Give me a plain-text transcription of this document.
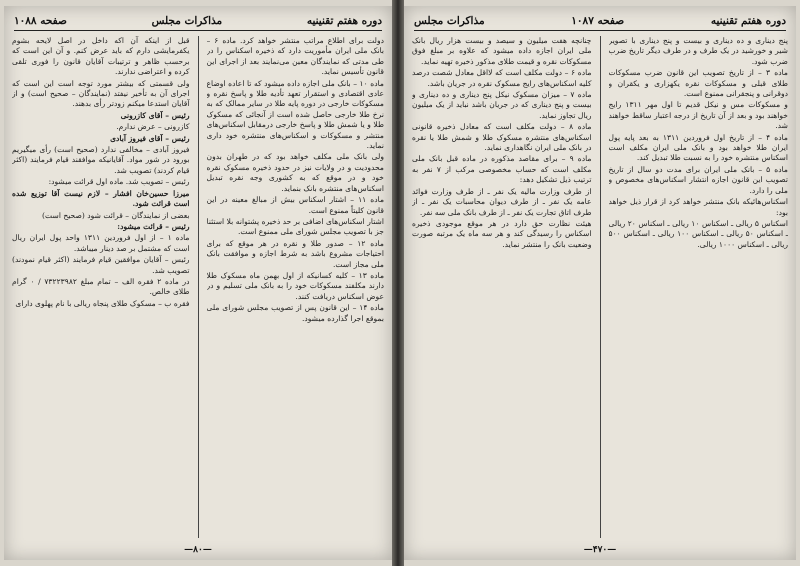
دوره هفتم تقنینیه
مذاکرات مجلس
صفحه ۱۰۸۸

دولت برای اطلاع مراتب منتشر خواهد کرد. ماده ۶ – بانک ملی ایران مأموریت دارد که ذخیره اسکناس را در طی مدتی که نمایندگان معین می‌نمایند بعد از اجرای این قانون تأسیس نماید.

ماده ۱۰ – بانک ملی اجازه داده میشود که تا اعاده اوضاع عادی اقتصادی و استقرار تعهد تأدیه طلا و پاسخ نقره و مسکوکات خارجی در دوره پایه طلا در سایر ممالک که به نرخ طلا خارجی حاصل شده است از آنجائی که مسکوک طلا و یا شمش طلا و پاسخ خارجی درمقابل اسکناس‌های منتشر و مسکوکات و اسکناس‌های منتشره خود داری نماید.

ولی بانک ملی مکلف خواهد بود که در طهران بدون محدودیت و در ولایات نیز در حدود ذخیره مسکوک نقره خود و در موقع که به کشوری وجه نقره تبدیل اسکناس‌های منتشره بانک بنماید.

ماده ۱۱ – اشتار اسکناس بیش از مبالغ معینه در این قانون کلیتاً ممنوع است.

اشتار اسکناس‌های اضافی بر حد ذخیره پشتوانه بلا استثنا جز با تصویب مجلس شورای ملی ممنوع است.

ماده ۱۲ – صدور طلا و نقره در هر موقع که برای احتیاجات مشروع باشد به شرط اجازه و موافقت بانک ملی مجاز است.

ماده ۱۳ – کلیه کسانیکه از اول بهمن ماه مسکوک طلا دارند مکلفند مسکوکات خود را به بانک ملی تسلیم و در عوض اسکناس دریافت کنند.

ماده ۱۴ – این قانون پس از تصویب مجلس شورای ملی بموقع اجرا گذارده میشود.

قبل از اینکه آن اکه داخل در اصل لایحه بشوم یکفرمایشی دارم که باید عرض کنم. و آن این است که برحسب ظاهر و ترتیبات آقایان قانون را فوری تلقی کرده و اعتراضی ندارند.

ولی قسمتی که بیشتر مورد توجه است این است که اجرای آن به تأخیر نیفتد (نمایندگان – صحیح است) و از آقایان استدعا میکنم زودتر رأی بدهند.

رئیس – آقای کازرونی

کازرونی – عرض ندارم.

رئیس – آقای فیروز آبادی

فیروز آبادی – مخالفی ندارد (صحیح است) رأی میگیریم بورود در شور مواد. آقایانیکه موافقند قیام فرمایند (اکثر قیام کردند) تصویب شد.

رئیس – تصویب شد. ماده اول قرائت میشود:

میرزا حسین‌خان افشار – لازم نیست آقا توزیع شده است قرائت شود.

بعضی از نمایندگان – قرائت شود (صحیح است)

رئیس – قرائت میشود:

ماده ۱ – از اول فروردین ۱۳۱۱ واحد پول ایران ریال است که مشتمل بر صد دینار میباشد.

رئیس – آقایان موافقین قیام فرمایند (اکثر قیام نمودند) تصویب شد.

در ماده ۲ فقره الف – تمام مبلغ ۷۳۲۲۳۹۸۲ / ۰ گرام طلای خالص.

فقره ب – مسکوک طلای پنجاه ریالی با نام پهلوی دارای

—۸۰—
دوره هفتم تقنینیه
صفحه ۱۰۸۷
مذاکرات مجلس

پنج دیناری و ده دیناری و بیست و پنج دیناری با تصویر شیر و خورشید در یک طرف و در طرف دیگر تاریخ ضرب ضرب شود.

ماده ۳ – از تاریخ تصویب این قانون ضرب مسکوکات طلای قبلی و مسکوکات نقره یکهزاری و یکقران و دوقرانی و پنجقرانی ممنوع است.

و مسکوکات مس و نیکل قدیم تا اول مهر ۱۳۱۱ رایج خواهند بود و بعد از آن تاریخ از درجه اعتبار ساقط خواهند شد.

ماده ۴ – از تاریخ اول فروردین ۱۳۱۱ به بعد پایه پول ایران طلا خواهد بود و بانک ملی ایران مکلف است اسکناس منتشره خود را به نسبت طلا تبدیل کند.

ماده ۵ – بانک ملی ایران برای مدت دو سال از تاریخ تصویب این قانون اجازه انتشار اسکناس‌های مخصوص و ملی را دارد.

اسکناس‌هائیکه بانک منتشر خواهد کرد از قرار ذیل خواهد بود:

اسکناس ۵ ریالی ـ اسکناس ۱۰ ریالی ـ اسکناس ۲۰ ریالی ـ اسکناس ۵۰ ریالی ـ اسکناس ۱۰۰ ریالی ـ اسکناس ۵۰۰ ریالی ـ اسکناس ۱۰۰۰ ریالی.

چنانچه هفت میلیون و سیصد و بیست هزار ریال بانک ملی ایران اجازه داده میشود که علاوه بر مبلغ فوق مسکوکات نقره و قیمت طلای مذکور ذخیره تهیه نماید.

ماده ۶ – دولت مکلف است که لااقل معادل شصت درصد کلیه اسکناس‌های رایج مسکوک نقره در جریان باشد.

ماده ۷ – میزان مسکوک نیکل پنج دیناری و ده دیناری و بیست و پنج دیناری که در جریان باشد نباید از یک میلیون ریال تجاوز نماید.

ماده ۸ – دولت مکلف است که معادل ذخیره قانونی اسکناس‌های منتشره مسکوک طلا و شمش طلا یا نقره در بانک ملی ایران نگاهداری نماید.

ماده ۹ – برای مقاصد مذکوره در ماده قبل بانک ملی مکلف است که حساب مخصوصی مرکب از ۷ نفر به ترتیب ذیل تشکیل دهد:

از طرف وزارت مالیه یک نفر ـ از طرف وزارت فوائد عامه یک نفر ـ از طرف دیوان محاسبات یک نفر ـ از طرف اتاق تجارت یک نفر ـ از طرف بانک ملی سه نفر.

هیئت نظارت حق دارد در هر موقع موجودی ذخیره اسکناس را رسیدگی کند و هر سه ماه یک مرتبه صورت وضعیت بانک را منتشر نماید.

—۴۷۰—
